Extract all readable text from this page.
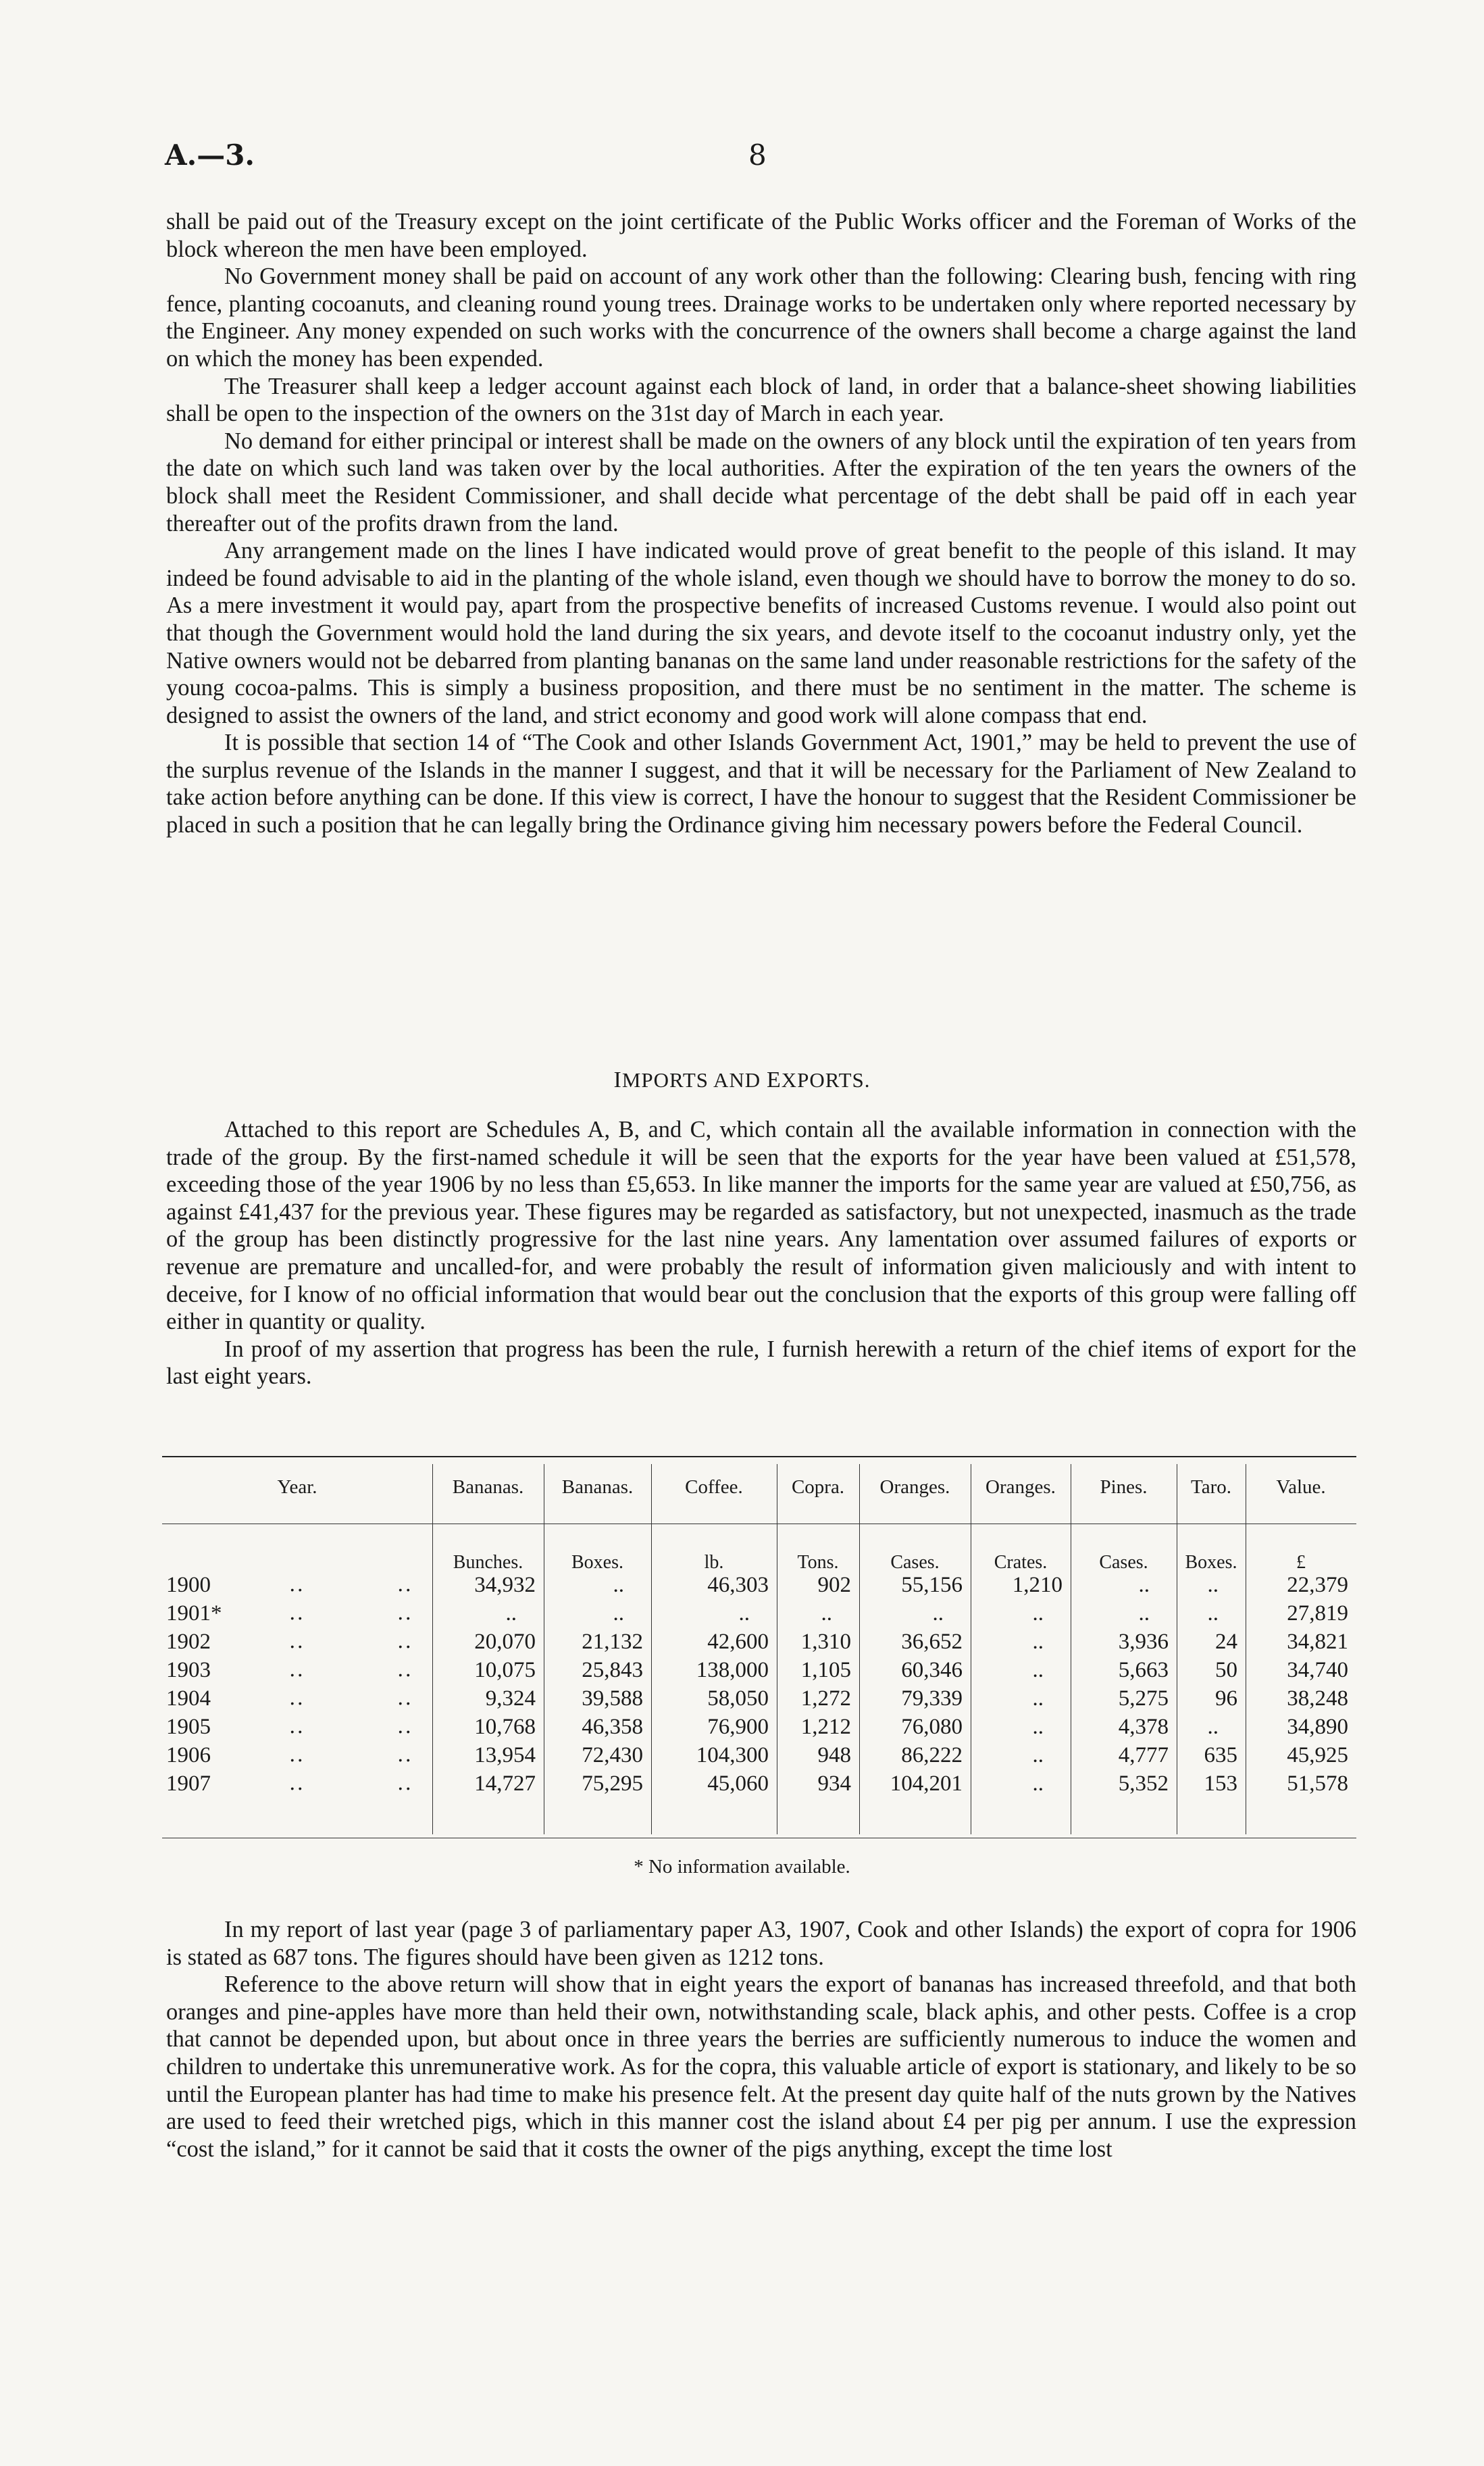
A.—3.	8

shall be paid out of the Treasury except on the joint certificate of the Public Works officer and the Foreman of Works of the block whereon the men have been employed.

No Government money shall be paid on account of any work other than the following: Clearing bush, fencing with ring fence, planting cocoanuts, and cleaning round young trees. Drainage works to be undertaken only where reported necessary by the Engineer. Any money expended on such works with the concurrence of the owners shall become a charge against the land on which the money has been expended.

The Treasurer shall keep a ledger account against each block of land, in order that a balance-sheet showing liabilities shall be open to the inspection of the owners on the 31st day of March in each year.

No demand for either principal or interest shall be made on the owners of any block until the expiration of ten years from the date on which such land was taken over by the local authorities. After the expiration of the ten years the owners of the block shall meet the Resident Commissioner, and shall decide what percentage of the debt shall be paid off in each year thereafter out of the profits drawn from the land.

Any arrangement made on the lines I have indicated would prove of great benefit to the people of this island. It may indeed be found advisable to aid in the planting of the whole island, even though we should have to borrow the money to do so. As a mere investment it would pay, apart from the prospective benefits of increased Customs revenue. I would also point out that though the Government would hold the land during the six years, and devote itself to the cocoanut industry only, yet the Native owners would not be debarred from planting bananas on the same land under reasonable restrictions for the safety of the young cocoa-palms. This is simply a business proposition, and there must be no sentiment in the matter. The scheme is designed to assist the owners of the land, and strict economy and good work will alone compass that end.

It is possible that section 14 of “The Cook and other Islands Government Act, 1901,” may be held to prevent the use of the surplus revenue of the Islands in the manner I suggest, and that it will be necessary for the Parliament of New Zealand to take action before anything can be done. If this view is correct, I have the honour to suggest that the Resident Commissioner be placed in such a position that he can legally bring the Ordinance giving him necessary powers before the Federal Council.

IMPORTS AND EXPORTS.

Attached to this report are Schedules A, B, and C, which contain all the available information in connection with the trade of the group. By the first-named schedule it will be seen that the exports for the year have been valued at £51,578, exceeding those of the year 1906 by no less than £5,653. In like manner the imports for the same year are valued at £50,756, as against £41,437 for the previous year. These figures may be regarded as satisfactory, but not unexpected, inasmuch as the trade of the group has been distinctly progressive for the last nine years. Any lamentation over assumed failures of exports or revenue are premature and uncalled-for, and were probably the result of information given maliciously and with intent to deceive, for I know of no official information that would bear out the conclusion that the exports of this group were falling off either in quantity or quality.

In proof of my assertion that progress has been the rule, I furnish herewith a return of the chief items of export for the last eight years.

Year.	Bananas.	Bananas.	Coffee.	Copra.	Oranges.	Oranges.	Pines.	Taro.	Value.
Bunches.	Boxes.	lb.	Tons.	Cases.	Crates.	Cases.	Boxes.	£
1900	..	..	34,932	..	46,303	902	55,156	1,210	..	..	22,379
1901*	..	..	..	..	..	..	..	..	..	..	27,819
1902	..	..	20,070	21,132	42,600	1,310	36,652	..	3,936	24	34,821
1903	..	..	10,075	25,843	138,000	1,105	60,346	..	5,663	50	34,740
1904	..	..	9,324	39,588	58,050	1,272	79,339	..	5,275	96	38,248
1905	..	..	10,768	46,358	76,900	1,212	76,080	..	4,378	..	34,890
1906	..	..	13,954	72,430	104,300	948	86,222	..	4,777	635	45,925
1907	..	..	14,727	75,295	45,060	934	104,201	..	5,352	153	51,578
* No information available.

In my report of last year (page 3 of parliamentary paper A3, 1907, Cook and other Islands) the export of copra for 1906 is stated as 687 tons. The figures should have been given as 1212 tons.

Reference to the above return will show that in eight years the export of bananas has increased threefold, and that both oranges and pine-apples have more than held their own, notwithstanding scale, black aphis, and other pests. Coffee is a crop that cannot be depended upon, but about once in three years the berries are sufficiently numerous to induce the women and children to undertake this unremunerative work. As for the copra, this valuable article of export is stationary, and likely to be so until the European planter has had time to make his presence felt. At the present day quite half of the nuts grown by the Natives are used to feed their wretched pigs, which in this manner cost the island about £4 per pig per annum. I use the expression “cost the island,” for it cannot be said that it costs the owner of the pigs anything, except the time lost
